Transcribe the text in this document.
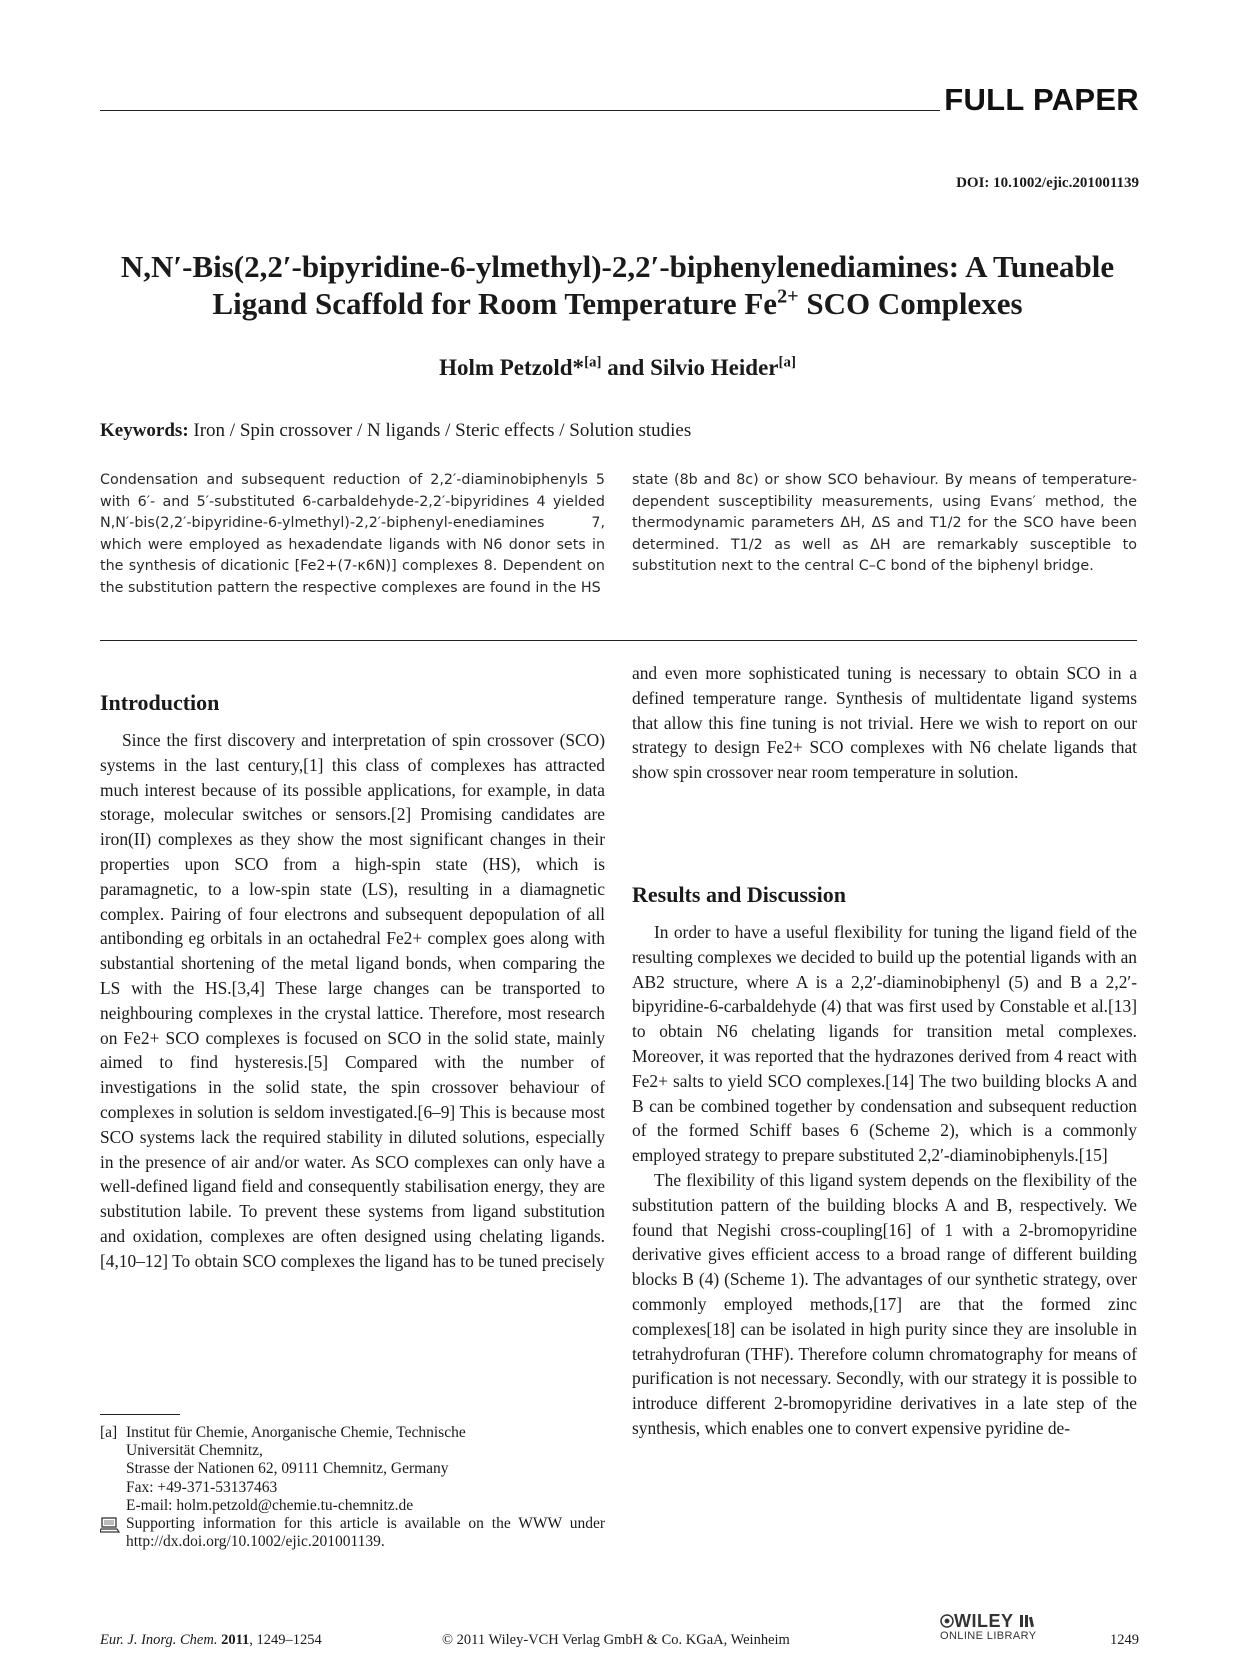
FULL PAPER
DOI: 10.1002/ejic.201001139
N,N′-Bis(2,2′-bipyridine-6-ylmethyl)-2,2′-biphenylenediamines: A Tuneable
Ligand Scaffold for Room Temperature $Fe^{2+}$ SCO Complexes
Holm Petzold*[a] and Silvio Heider[a]
Keywords: Iron / Spin crossover / N ligands / Steric effects / Solution studies
Condensation and subsequent reduction of 2,2′-diaminobiphenyls 5 with 6′- and 5′-substituted 6-carbaldehyde-2,2′-bipyridines 4 yielded N,N′-bis(2,2′-bipyridine-6-ylmethyl)-2,2′-biphenyl-enediamines 7, which were employed as hexadendate ligands with N6 donor sets in the synthesis of dicationic [Fe2+(7-κ6N)] complexes 8. Dependent on the substitution pattern the respective complexes are found in the HS
state (8b and 8c) or show SCO behaviour. By means of temperature-dependent susceptibility measurements, using Evans′ method, the thermodynamic parameters ΔH, ΔS and T1/2 for the SCO have been determined. T1/2 as well as ΔH are remarkably susceptible to substitution next to the central C–C bond of the biphenyl bridge.
Introduction

Since the first discovery and interpretation of spin crossover (SCO) systems in the last century,[1] this class of complexes has attracted much interest because of its possible applications, for example, in data storage, molecular switches or sensors.[2] Promising candidates are iron(II) complexes as they show the most significant changes in their properties upon SCO from a high-spin state (HS), which is paramagnetic, to a low-spin state (LS), resulting in a diamagnetic complex. Pairing of four electrons and subsequent depopulation of all antibonding eg orbitals in an octahedral Fe2+ complex goes along with substantial shortening of the metal ligand bonds, when comparing the LS with the HS.[3,4] These large changes can be transported to neighbouring complexes in the crystal lattice. Therefore, most research on Fe2+ SCO complexes is focused on SCO in the solid state, mainly aimed to find hysteresis.[5] Compared with the number of investigations in the solid state, the spin crossover behaviour of complexes in solution is seldom investigated.[6–9] This is because most SCO systems lack the required stability in diluted solutions, especially in the presence of air and/or water. As SCO complexes can only have a well-defined ligand field and consequently stabilisation energy, they are substitution labile. To prevent these systems from ligand substitution and oxidation, complexes are often designed using chelating ligands.[4,10–12] To obtain SCO complexes the ligand has to be tuned precisely

[a] Institut für Chemie, Anorganische Chemie, Technische
Universität Chemnitz,
Strasse der Nationen 62, 09111 Chemnitz, Germany
Fax: +49-371-53137463
E-mail: holm.petzold@chemie.tu-chemnitz.de
Supporting information for this article is available on the WWW under http://dx.doi.org/10.1002/ejic.201001139.

and even more sophisticated tuning is necessary to obtain SCO in a defined temperature range. Synthesis of multidentate ligand systems that allow this fine tuning is not trivial. Here we wish to report on our strategy to design Fe2+ SCO complexes with N6 chelate ligands that show spin crossover near room temperature in solution.

Results and Discussion

In order to have a useful flexibility for tuning the ligand field of the resulting complexes we decided to build up the potential ligands with an AB2 structure, where A is a 2,2′-diaminobiphenyl (5) and B a 2,2′-bipyridine-6-carbaldehyde (4) that was first used by Constable et al.[13] to obtain N6 chelating ligands for transition metal complexes. Moreover, it was reported that the hydrazones derived from 4 react with Fe2+ salts to yield SCO complexes.[14] The two building blocks A and B can be combined together by condensation and subsequent reduction of the formed Schiff bases 6 (Scheme 2), which is a commonly employed strategy to prepare substituted 2,2′-diaminobiphenyls.[15]

The flexibility of this ligand system depends on the flexibility of the substitution pattern of the building blocks A and B, respectively. We found that Negishi cross-coupling[16] of 1 with a 2-bromopyridine derivative gives efficient access to a broad range of different building blocks B (4) (Scheme 1). The advantages of our synthetic strategy, over commonly employed methods,[17] are that the formed zinc complexes[18] can be isolated in high purity since they are insoluble in tetrahydrofuran (THF). Therefore column chromatography for means of purification is not necessary. Secondly, with our strategy it is possible to introduce different 2-bromopyridine derivatives in a late step of the synthesis, which enables one to convert expensive pyridine de-

Eur. J. Inorg. Chem. 2011, 1249–1254	© 2011 Wiley-VCH Verlag GmbH & Co. KGaA, Weinheim
WILEY
ONLINE LIBRARY	1249
